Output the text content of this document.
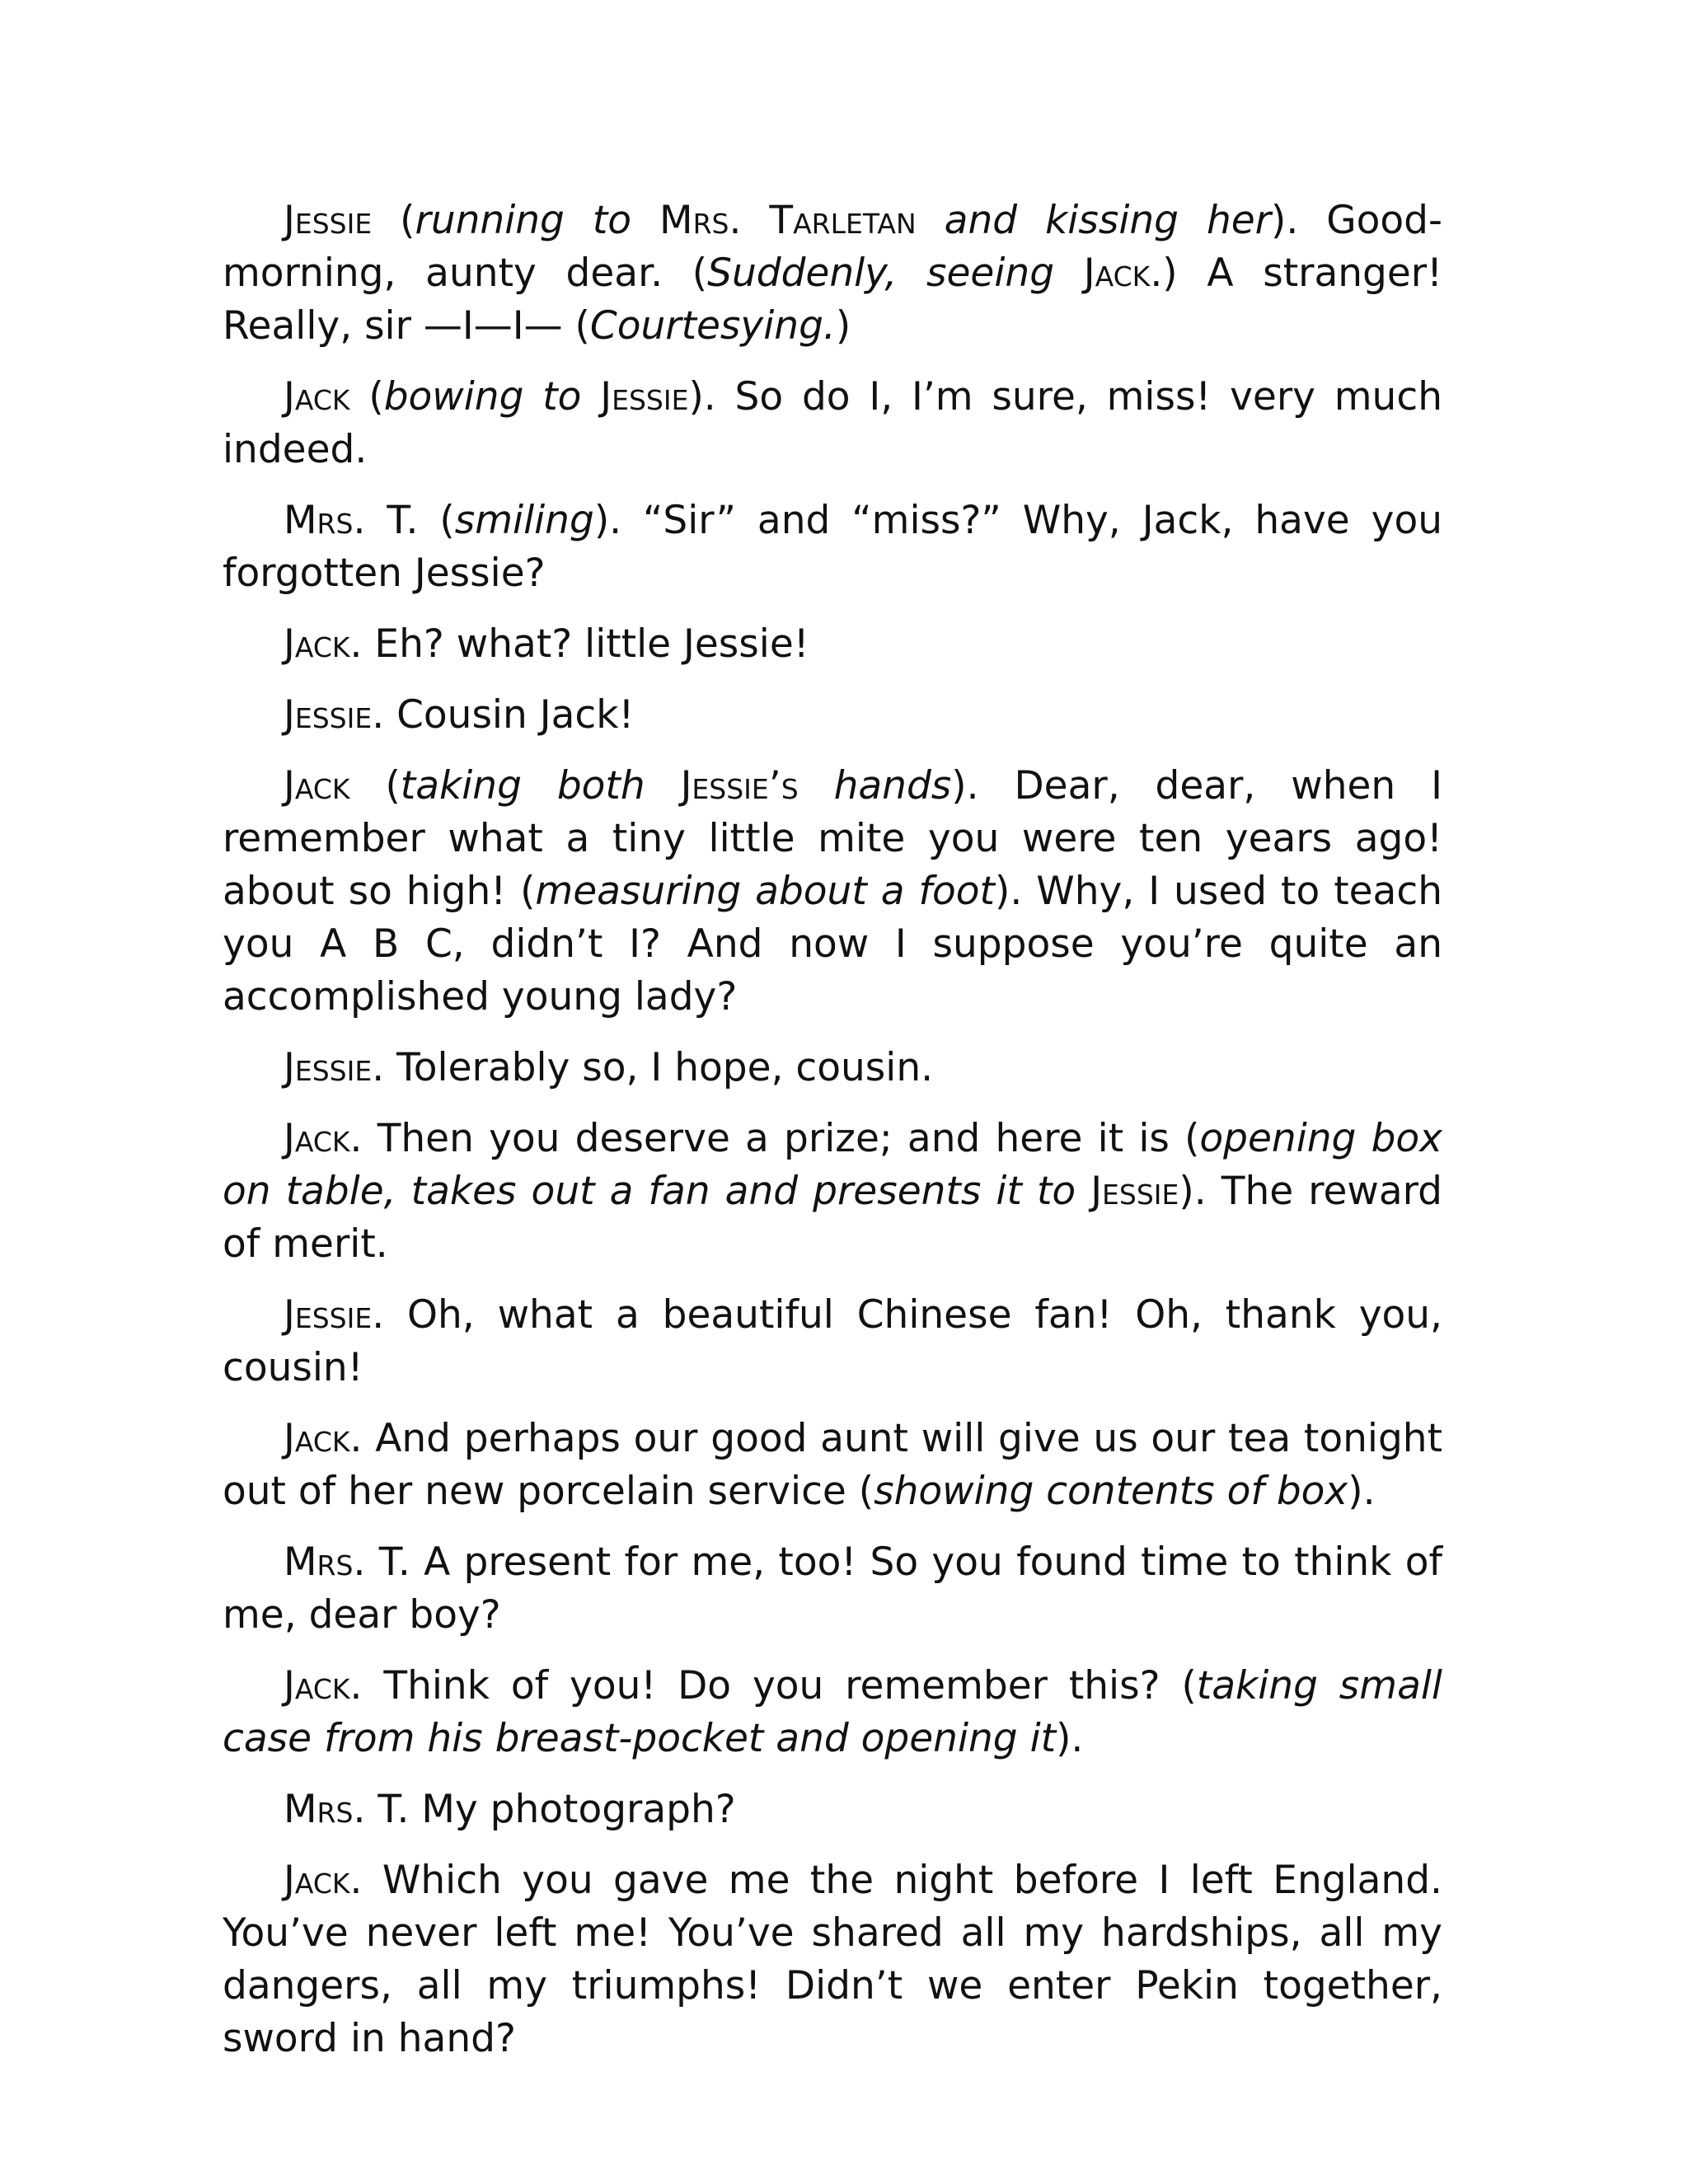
Jessie (running to Mrs. Tarletan and kissing her). Good-morning, aunty dear. (Suddenly, seeing Jack.) A stranger! Really, sir —I—I— (Courtesying.)

Jack (bowing to Jessie). So do I, I’m sure, miss! very much indeed.

Mrs. T. (smiling). “Sir” and “miss?” Why, Jack, have you forgotten Jessie?

Jack. Eh? what? little Jessie!

Jessie. Cousin Jack!

Jack (taking both Jessie’s hands). Dear, dear, when I remember what a tiny little mite you were ten years ago! about so high! (measuring about a foot). Why, I used to teach you A B C, didn’t I? And now I suppose you’re quite an accomplished young lady?

Jessie. Tolerably so, I hope, cousin.

Jack. Then you deserve a prize; and here it is (opening box on table, takes out a fan and presents it to Jessie). The reward of merit.

Jessie. Oh, what a beautiful Chinese fan! Oh, thank you, cousin!

Jack. And perhaps our good aunt will give us our tea tonight out of her new porcelain service (showing contents of box).

Mrs. T. A present for me, too! So you found time to think of me, dear boy?

Jack. Think of you! Do you remember this? (taking small case from his breast-pocket and opening it).

Mrs. T. My photograph?

Jack. Which you gave me the night before I left England. You’ve never left me! You’ve shared all my hardships, all my dangers, all my triumphs! Didn’t we enter Pekin together, sword in hand?
